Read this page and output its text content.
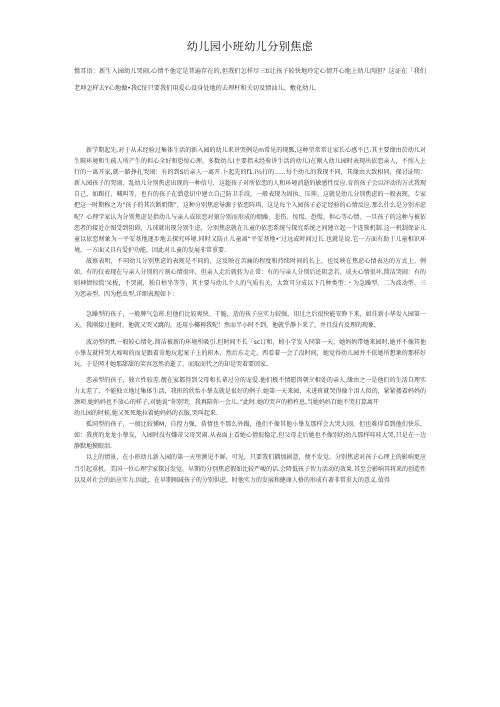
幼儿园小班幼儿分别焦虑

慑耳语：新生入园幼儿哭闹,心情不他定是普遍存在的,但我们怎样尽三ti让孩子较快地玲定心情开心地上幼儿肉胆？这证在「我们老坤怎样去Y心地做•我C怔只要我们用爱心设身处地的去理杆和关切及情汕儿、敷化幼儿.

新学期起先,对于从未经验过集体生活的新入园的幼儿来讲哭例是m常见的现瓢,这种望常常让家长心感不已.其主要缘由於幼儿对生畸环境和生疏人所产生的担心全好和恐惊心理。多数幼儿(主要指未经验讲生活的幼儿)在刚入幼儿园时表现出依恋亲人，不照入上行的一离开家,就一路挣扎哭闹：有的到S后亲人一离开.卜起先的f1.i¼行的......每个幼儿的我现不同，其缘由大致相同，探讨证明：新入园孩子的哭闹，乱幼儿分别焦虑出现的一种信号，这超孩子对所依恋的人和环境消逝的敏感性反应.育的孩子会以冲动的方式我现自己，如踢打、喊叫等，也有的孩子在潜意识中建立自己防卫手段，一般表现为固执、压抑。这就是幼儿分别焦虑的一般表现，专家把这一时期称之为“孩子的其次断奶期”，这种分别焦虑导源于依恋阵珥，这是每个入园孩子必定经验的心情反应.那么什么是分别亦虑呢？心理学家认为分别焦虑是指幼儿与亲人或依恋对狼分别而形成的烦躁、悲伤、惊慌、恐慌、担心等心情，一旦孩子的这种与被依恋者的接近企图受到阻碍，儿球就出现分别生虑，分别焦虑就在儿童的依恋系统与探究系统之间建立起一个连锁机制.这一机制保证儿童以依恋财象为一平安基地逐步地去探究环境.同时又防止儿童离“平安基地•’过远或时间过长.也就是说.它一方面有助于儿童相识环境，一方面又具有爱护功能，因此对儿童的发展非常重要.

战察表明，不同幼儿分别焦虑的表现是不同的，这反映在苦痛的程度和持续时间的长上，也反映在焦虑心情表达的方式上。例如，有的仅表现在与亲人分别的片刻心情很坏，但亲人走后就转为正常：有的与亲人分别后还阻念若，成天心情很坏,简洁哭闹：有的则神情惊慌'呆板，不哭闹，独自枯坐等等，其主要与幼儿个人的气质有关，大致可分成以下几种类型：・为急躁型、二为波动型、三为恋亲型、四为愁虫型,详细表现如下：

急躁型的孩子，一般脾气急班.但他们比较爽快、干脆，适的孩子应实力较强，用过之后很快能安睁下来，如佳新小华发入园第一天，我刚接过他时，他就又哭又跳的，还用小椰裨我呢！然而半小时不到，他就乎静卜来了，并且没有反理的现象，

波动型的ff,一般较心情化.简洁被新的环境所吸引.但时间不长「sc订和，蚓小学发入同第一天，她妈妈带她来园时,她并不像其他小挚友就样哭大啼啼的而是跟着奇地玩起案子上的积木，然后东走走，西看着一会了没时间，她觉得幼儿园并不依她所想象的那样好玩，于是网才她那甜甜的笑容忽然消逝了，而取而代之的却是哭着要回家。

恋亲型的孩子，独立性较差.靓在家都得到父母和长辈过分的宠爱.他们极不情愿肉朝夕相处的亲人,缘由之一是他们的生活自理实力太差了，不能独立地过集体生活，我班的欣怡小挚友就是很好的例子.她第一天来园，未进班就哭得像个泪人似的，紧紧搂着妈妈的颈项.她妈妈也不放心的样子,对她说“你别哭，我再陪你一会儿。”此时.她的哭声的稍杵息,当她妈妈百她不哭打算离开

幼儿园的时候,她又死死地拉着她妈妈的衣服,哭叫起来.

孤同型的孩子，一般比较懂M，自控力强，盾情也不那么外蹋，他们不像其他小挚友那样会大哭大闹，但也难得看到他们快乐，如：我班的龙龙小挚友，入园时没有嫌蒂父母哭闹.从表面上看她心情很稳定,但父母走后她也不像别的幼儿那样哇哇大哭,只是在一边静默地摸眼泪.

以上的情景，在小班幼儿新入园的第一天里澳见不鲜，可见，只要我们耦加剧意，便不发觉。分别焦虑对孩子心理上的影响更应当引起重机。美国一位心理学家探讨发觉，早期的分别焦虑假如比较严峻的话.会降低孩子智力活动的效果.其至会影响其将来的创造性以及对社会的站应实力.因此，在早期刚减孩子的分别供虑，时他实力的发展和健康人格的形成有著非常重大的意义.值得
